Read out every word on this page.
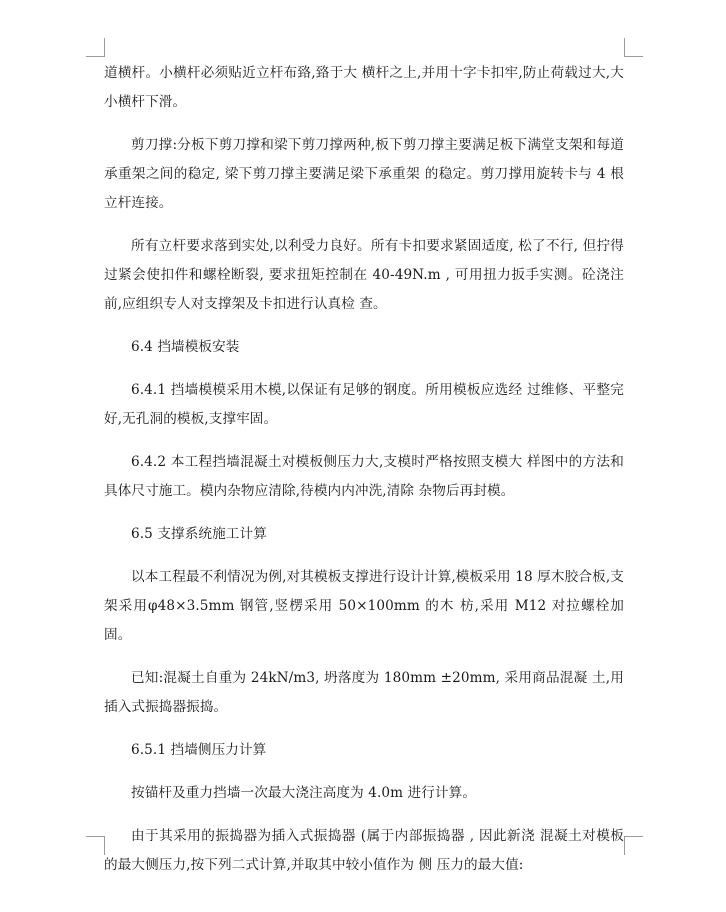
道横杆。小横杆必须贴近立杆布臵,臵于大 横杆之上,并用十字卡扣牢,防止荷载过大,大小横杆下滑。

剪刀撑:分板下剪刀撑和梁下剪刀撑两种,板下剪刀撑主要满足板下满堂支架和每道承重架之间的稳定, 梁下剪刀撑主要满足梁下承重架 的稳定。剪刀撑用旋转卡与 4 根立杆连接。

所有立杆要求落到实处,以利受力良好。所有卡扣要求紧固适度, 松了不行, 但拧得过紧会使扣件和螺栓断裂, 要求扭矩控制在 40-49N.m , 可用扭力扳手实测。砼浇注前,应组织专人对支撑架及卡扣进行认真检 查。

6.4 挡墙模板安装

6.4.1 挡墙模模采用木模,以保证有足够的钢度。所用模板应选经 过维修、平整完好,无孔洞的模板,支撑牢固。

6.4.2 本工程挡墙混凝土对模板侧压力大,支模时严格按照支模大 样图中的方法和具体尺寸施工。模内杂物应清除,待模内内冲洗,清除 杂物后再封模。

6.5 支撑系统施工计算

以本工程最不利情况为例,对其模板支撑进行设计计算,模板采用 18 厚木胶合板,支架采用φ48×3.5mm 钢管,竖楞采用 50×100mm 的木 枋,采用 M12 对拉螺栓加固。

已知:混凝土自重为 24kN/m3, 坍落度为 180mm ±20mm, 采用商品混凝 土,用插入式振捣器振捣。

6.5.1 挡墙侧压力计算

按锚杆及重力挡墙一次最大浇注高度为 4.0m 进行计算。

由于其采用的振捣器为插入式振捣器 (属于内部振捣器 , 因此新浇 混凝土对模板的最大侧压力,按下列二式计算,并取其中较小值作为 侧 压力的最大值:
